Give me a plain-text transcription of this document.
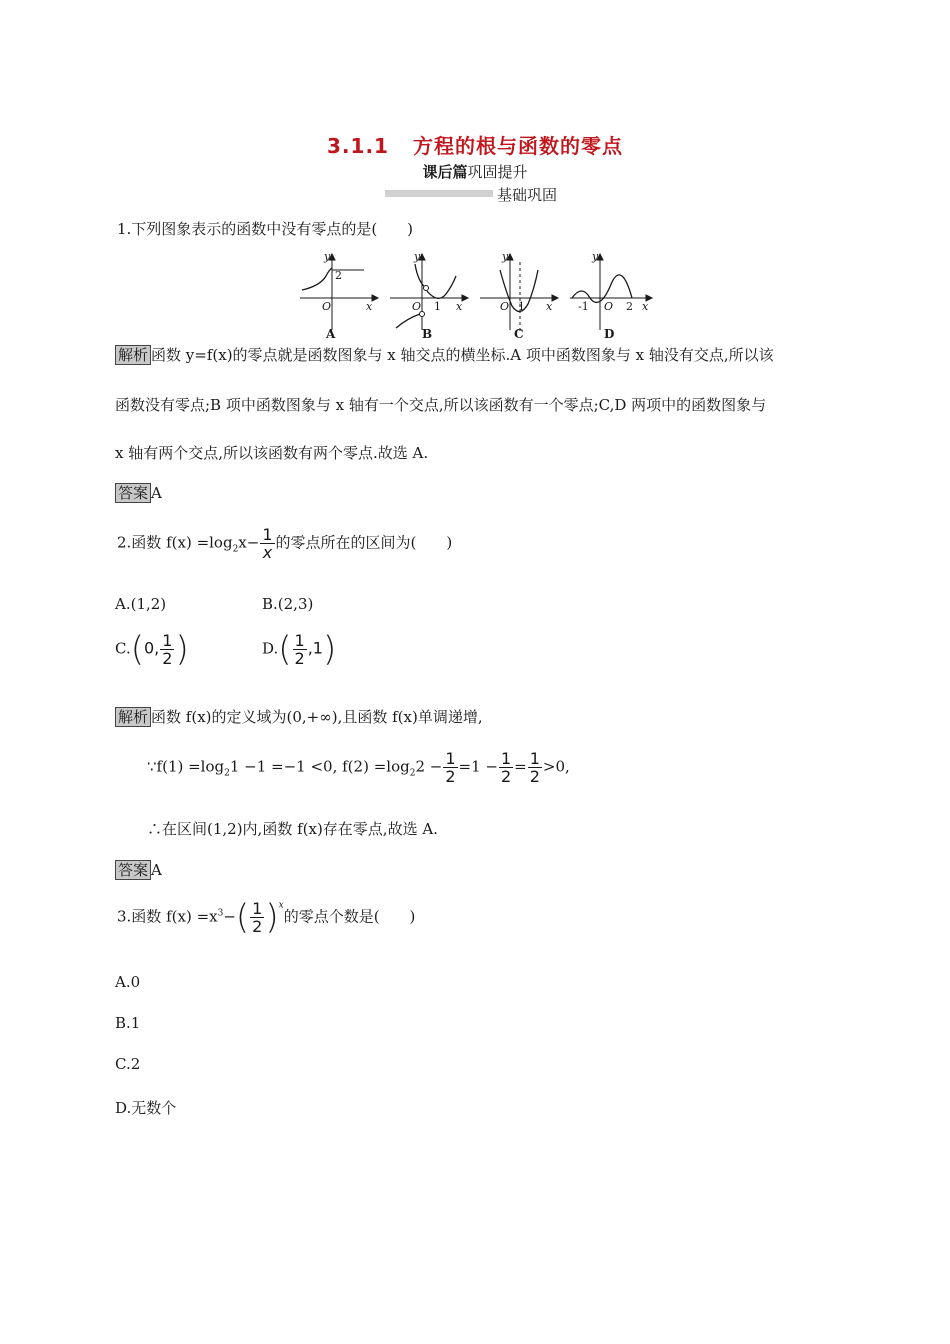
3.1.1 方程的根与函数的零点
课后篇巩固提升
基础巩固
1.下列图象表示的函数中没有零点的是(　　)
O	x
y
2
A
O	x
y
1
B
O	x
y
1
C
O	x
y
-1	2
D
解析 函数 y=f(x)的零点就是函数图象与 x 轴交点的横坐标.A 项中函数图象与 x 轴没有交点,所以该
函数没有零点;B 项中函数图象与 x 轴有一个交点,所以该函数有一个零点;C,D 两项中的函数图象与
x 轴有两个交点,所以该函数有两个零点.故选 A.
答案 A
2.函数 $f(x) =\log_2x- \frac{1}{x}$ 的零点所在的区间为(　　)
A.(1,2)	B.(2,3)
C.(0, $\frac{1}{2}$ )	$D.( \frac{1}{2} ,1)$
解析 函数 f(x)的定义域为(0,+∞),且函数 f(x)单调递增,
∵f(1) $=\log_21 -1 =-1 <0$, $f(2) =\log_22 - \frac{1}{2} =1 - \frac{1}{2} = \frac{1}{2} >0$,
∴在区间(1,2)内,函数 f(x)存在零点,故选 A.
答案 A
3.函数 $f(x) =x^3-( \frac{1}{2} )^x$的零点个数是(　　)
A.0
B.1
C.2
D.无数个
